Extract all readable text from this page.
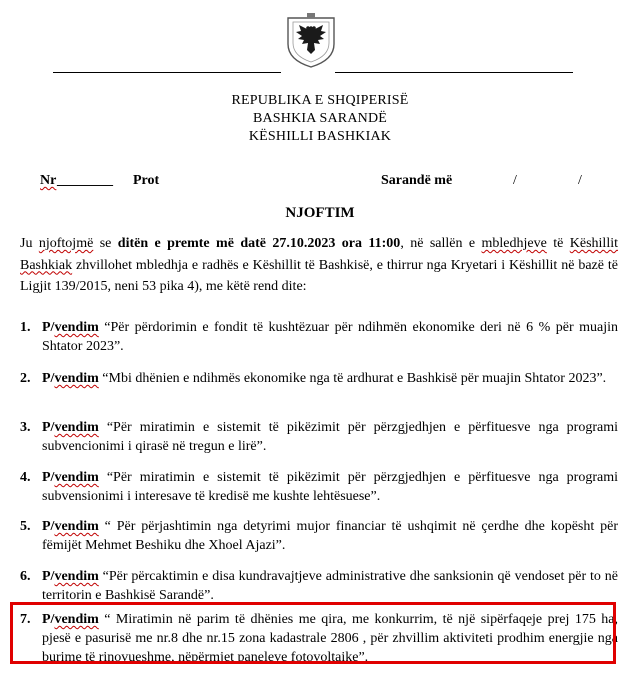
REPUBLIKA E SHQIPERISË
BASHKIA SARANDË
KËSHILLI BASHKIAK
Nr ________ Prot	Sarandë më	/	/
NJOFTIM
Ju njoftojmë se ditën e premte më datë 27.10.2023 ora 11:00, në sallën e mbledhjeve të Këshillit Bashkiak zhvillohet mbledhja e radhës e Këshillit të Bashkisë, e thirrur nga Kryetari i Këshillit në bazë të Ligjit 139/2015, neni 53 pika 4), me këtë rend dite:
1. P/vendim “Për përdorimin e fondit të kushtëzuar për ndihmën ekonomike deri në 6 % për muajin Shtator 2023”.
2. P/vendim “Mbi dhënien e ndihmës ekonomike nga të ardhurat e Bashkisë për muajin Shtator 2023”.
3. P/vendim “Për miratimin e sistemit të pikëzimit për përzgjedhjen e përfituesve nga programi subvencionimi i qirasë në tregun e lirë”.
4. P/vendim “Për miratimin e sistemit të pikëzimit për përzgjedhjen e përfituesve nga programi subvensionimi i interesave të kredisë me kushte lehtësuese”.
5. P/vendim “ Për përjashtimin nga detyrimi mujor financiar të ushqimit në çerdhe dhe kopësht për fëmijët Mehmet Beshiku dhe Xhoel Ajazi”.
6. P/vendim “Për përcaktimin e disa kundravajtjeve administrative dhe sanksionin që vendoset për to në territorin e Bashkisë Sarandë”.
7. P/vendim “ Miratimin në parim të dhënies me qira, me konkurrim, të një sipërfaqeje prej 175 ha, pjesë e pasurisë me nr.8 dhe nr.15 zona kadastrale 2806 , për zhvillim aktiviteti prodhim energjie nga burime të rinovueshme, nëpërmjet paneleve fotovoltaike”.
